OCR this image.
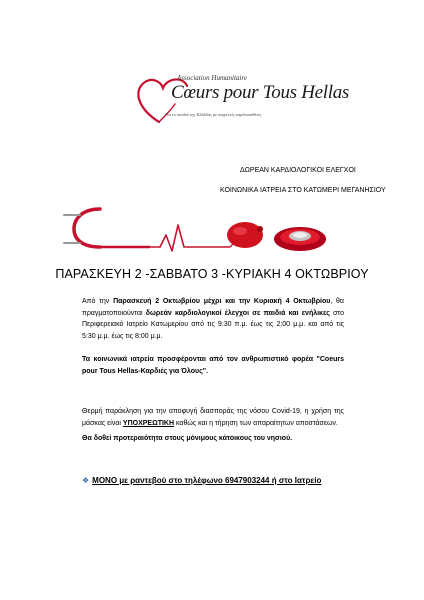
Association Humanitaire
Cœurs pour Tous Hellas
Για το παιδιά της Ελλάδας με συγγενείς καρδιοπάθειες
ΔΩΡΕΑΝ ΚΑΡΔΙΟΛΟΓΙΚΟΙ ΕΛΕΓΧΟΙ
ΚΟΙΝΩΝΙΚΑ ΙΑΤΡΕΙΑ ΣΤΟ ΚΑΤΩΜΕΡΙ ΜΕΓΑΝΗΣΙΟΥ
ΠΑΡΑΣΚΕΥΗ 2 -ΣΑΒΒΑΤΟ 3 -ΚΥΡΙΑΚΗ 4 ΟΚΤΩΒΡΙΟΥ
Από την Παρασκευή 2 Οκτωβρίου μέχρι και την Κυριακή 4 Οκτωβρίου, θα πραγματοποιούνται δωρεάν καρδιολογικοί έλεγχοι σε παιδιά και ενήλικες στο Περιφερειακό Ιατρείο Κατωμερίου από τις 9:30 π.μ. έως τις 2:00 μ.μ. και από τις 5:30 μ.μ. έως τις 8:00 μ.μ.
Τα κοινωνικά ιατρεία προσφέρονται από τον ανθρωπιστικό φορέα "Coeurs pour Tous Hellas-Καρδιές για Όλους".
Θερμή παράκληση για την αποφυγή διασποράς της νόσου Covid-19, η χρήση της μάσκας είναι ΥΠΟΧΡΕΩΤΙΚΗ καθώς και η τήρηση των απαραίτητων αποστάσεων.
Θα δοθεί προτεραιότητα στους μόνιμους κάτοικους του νησιού.
❖ ΜΟΝΟ με ραντεβού στο τηλέφωνο 6947903244 ή στο Ιατρείο
